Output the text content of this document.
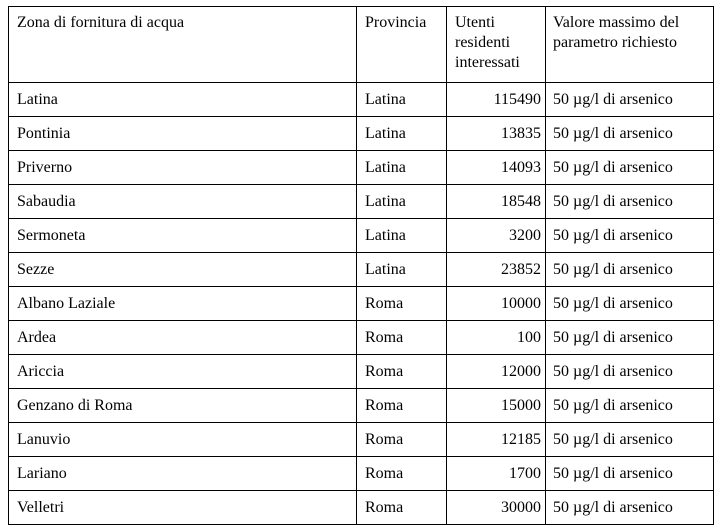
Zona di fornitura di acqua	Provincia	Utenti residenti interessati	Valore massimo del parametro richiesto
Latina	Latina	115490	50 µg/l di arsenico
Pontinia	Latina	13835	50 µg/l di arsenico
Priverno	Latina	14093	50 µg/l di arsenico
Sabaudia	Latina	18548	50 µg/l di arsenico
Sermoneta	Latina	3200	50 µg/l di arsenico
Sezze	Latina	23852	50 µg/l di arsenico
Albano Laziale	Roma	10000	50 µg/l di arsenico
Ardea	Roma	100	50 µg/l di arsenico
Ariccia	Roma	12000	50 µg/l di arsenico
Genzano di Roma	Roma	15000	50 µg/l di arsenico
Lanuvio	Roma	12185	50 µg/l di arsenico
Lariano	Roma	1700	50 µg/l di arsenico
Velletri	Roma	30000	50 µg/l di arsenico
